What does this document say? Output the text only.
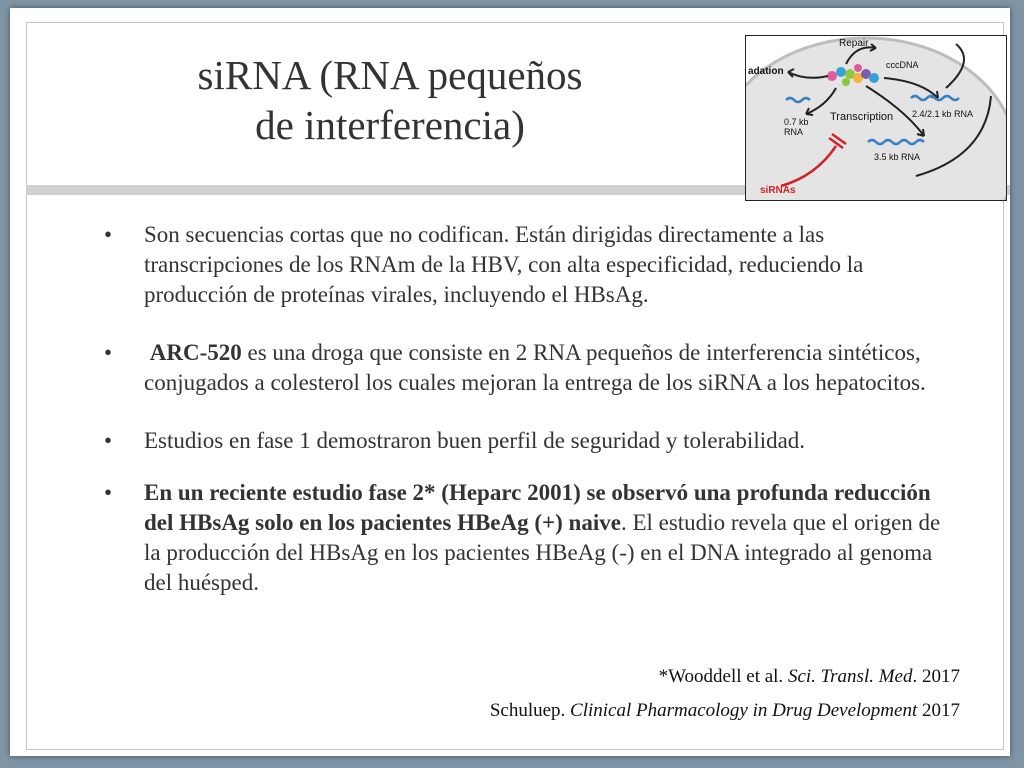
siRNA (RNA pequeños
de interferencia)
Repair
adation
cccDNA
Transcription
0.7 kb
RNA
2.4/2.1 kb RNA
3.5 kb RNA
siRNAs
• Son secuencias cortas que no codifican. Están dirigidas directamente a las transcripciones de los RNAm de la HBV, con alta especificidad, reduciendo la producción de proteínas virales, incluyendo el HBsAg.
• ARC-520 es una droga que consiste en 2 RNA pequeños de interferencia sintéticos, conjugados a colesterol los cuales mejoran la entrega de los siRNA a los hepatocitos.
• Estudios en fase 1 demostraron buen perfil de seguridad y tolerabilidad.
• En un reciente estudio fase 2* (Heparc 2001) se observó una profunda reducción del HBsAg solo en los pacientes HBeAg (+) naive. El estudio revela que el origen de la producción del HBsAg en los pacientes HBeAg (-) en el DNA integrado al genoma del huésped.
*Wooddell et al. Sci. Transl. Med. 2017
Schuluep. Clinical Pharmacology in Drug Development 2017
